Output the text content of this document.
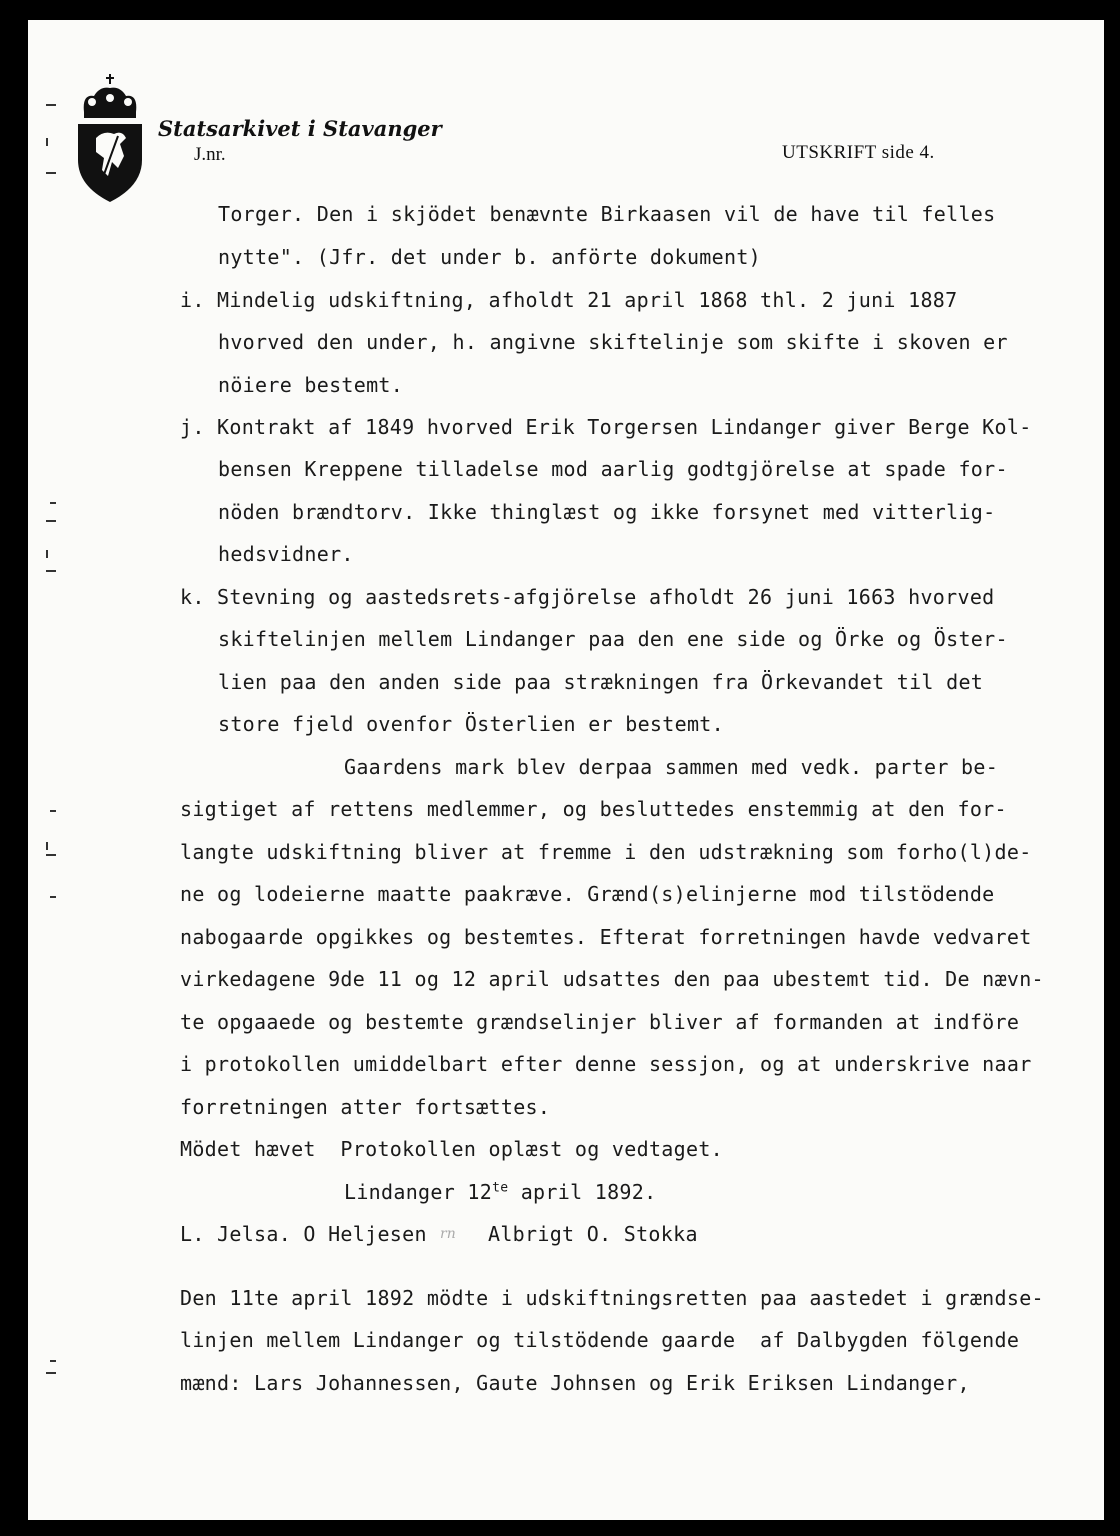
Statsarkivet i Stavanger
J.nr.	UTSKRIFT side 4.

Torger. Den i skjödet benævnte Birkaasen vil de have til felles

nytte". (Jfr. det under b. anförte dokument)

i. Mindelig udskiftning, afholdt 21 april 1868 thl. 2 juni 1887

hvorved den under, h. angivne skiftelinje som skifte i skoven er

nöiere bestemt.

j. Kontrakt af 1849 hvorved Erik Torgersen Lindanger giver Berge Kol-

bensen Kreppene tilladelse mod aarlig godtgjörelse at spade for-

nöden brændtorv. Ikke thinglæst og ikke forsynet med vitterlig-

hedsvidner.

k. Stevning og aastedsrets-afgjörelse afholdt 26 juni 1663 hvorved

skiftelinjen mellem Lindanger paa den ene side og Örke og Öster-

lien paa den anden side paa strækningen fra Örkevandet til det

store fjeld ovenfor Österlien er bestemt.

Gaardens mark blev derpaa sammen med vedk. parter be-

sigtiget af rettens medlemmer, og besluttedes enstemmig at den for-

langte udskiftning bliver at fremme i den udstrækning som forho(l)de-

ne og lodeierne maatte paakræve. Grænd(s)elinjerne mod tilstödende

nabogaarde opgikkes og bestemtes. Efterat forretningen havde vedvaret

virkedagene 9de 11 og 12 april udsattes den paa ubestemt tid. De nævn-

te opgaaede og bestemte grændselinjer bliver af formanden at indföre

i protokollen umiddelbart efter denne sessjon, og at underskrive naar

forretningen atter fortsættes.

Mödet hævet  Protokollen oplæst og vedtaget.

Lindanger $12^{te}$ april 1892.

L. Jelsa. O Heljesen rn Albrigt O. Stokka

Den 11te april 1892 mödte i udskiftningsretten paa aastedet i grændse-

linjen mellem Lindanger og tilstödende gaarde  af Dalbygden fölgende

mænd: Lars Johannessen, Gaute Johnsen og Erik Eriksen Lindanger,
